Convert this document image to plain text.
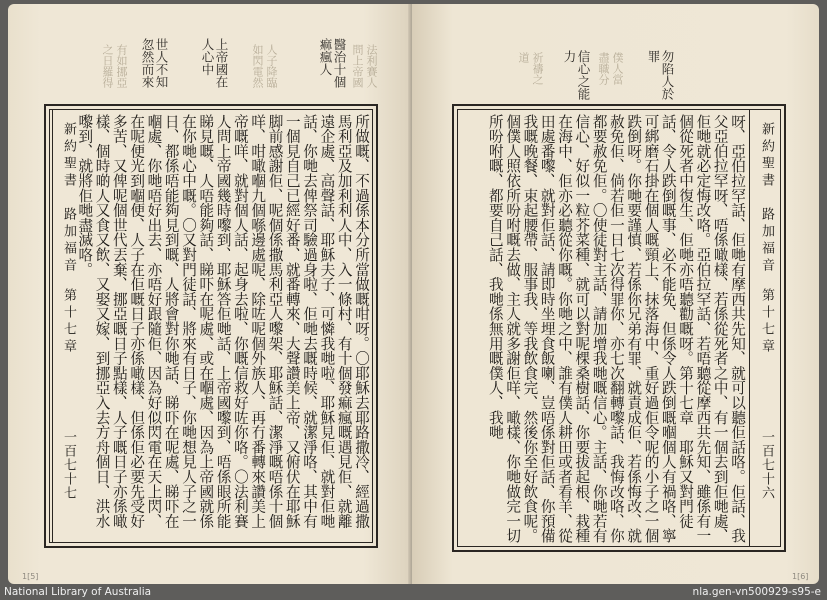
醫治十個
痲瘋人
上帝國在
人心中
世人不知
忽然而來	法利賽人
問上帝國
人子降臨
如閃電然
有如挪亞
之日羅得
所做嘅、不過係本分所當做嘅咁呀。〇耶穌去耶路撒冷、經過撒馬利亞及加利利人中、入一條村、有十個發痲瘋嘅遇見佢、就離遠企處、高聲話、耶穌夫子、可憐我哋啦、耶穌見佢、就對佢哋話、你哋去俾祭司驗過身啦、佢哋去嘅時候、就潔淨咯、其中有一個見自己已經好番、就番轉來、大聲讚美上帝、又俯伏在耶穌脚前感謝佢、呢個係撒馬利亞人嚟架、耶穌話、潔淨嘅唔係十個咩、咁噉嗰九個喺邊處呢、除咗呢個外族人、再冇番轉來讚美上帝嘅咩、就對個人話、起身去啦、你嘅信救好咗你咯。〇法利賽人問上帝國幾時嚟到、耶穌答佢哋話、上帝國嚟到、唔係眼所能睇見嘅、人唔能夠話、睇吓在呢處、或在嗰處、因為上帝國就係在你哋心中嘅。〇又對門徒話、將來有日子、你哋想見人子之一日、都係唔能夠見到嘅、人將會對你哋話、睇吓在呢處、睇吓在嗰處、你哋唔好出去、亦唔好跟隨佢、因為好似閃電在天上閃、在呢便光到嗰便、人子在佢嘅日子亦係噉樣、但係佢必要先受好多苦、又俾呢個世代丟棄、挪亞嘅日子點樣、人子嘅日子亦係噉樣、個時啲人又食又飲、又娶又嫁、到挪亞入去方舟個日、洪水嚟到、就將佢哋盡滅咯。
新約聖書　路加福音
第十七章
一百七十七
1[5]
勿陷人於
罪
信心之能
力	僕人當
盡職分
祈禱之
道
新約聖書　路加福音
第十七章
一百七十六
呀、亞伯拉罕話、佢哋有摩西共先知、就可以聽佢話咯。佢話、我父亞伯拉罕呀、唔係噉樣、若係從死者之中、有一個去到佢哋處、佢哋就必定悔改咯。亞伯拉罕話、若唔聽從摩西共先知、雖係有一個從死者中復生、佢哋亦唔聽勸嘅呀。第十七章　耶穌又對門徒話、令人跌倒嘅事、必不能免、但係令人跌倒嘅嗰個人有禍咯、寧可綁磨石掛在個人嘅頸上、抹落海中、重好過佢令呢的小子之一個跌倒呀。你哋要謹慎、若係你兄弟有罪、就責成佢、若係悔改、就赦免佢、倘若佢一日七次得罪你、亦七次翻轉嚟話、我悔改咯、你都要赦免佢。〇使徒對主話、請加增我哋嘅信心。主話、你哋若有信心、好似一粒芥菜種、就可以對呢棵桑樹話、你要拔起根、栽種在海中、佢亦必聽從你嘅。你哋之中、誰有僕人耕田或者看羊、從田處番嚟、就對佢話、請即時坐埋食飯喇、豈唔係對佢話、你預備我嘅晚餐、束起腰帶、服事我、等我飲食完、然後你至好飲食呢。個僕人照依所吩咐嘅去做、主人就多謝佢咩、噉樣、你哋做完一切所吩咐嘅、都要自己話、我哋係無用嘅僕人、我哋
1[6]
National Library of Australia	nla.gen-vn500929-s95-e
